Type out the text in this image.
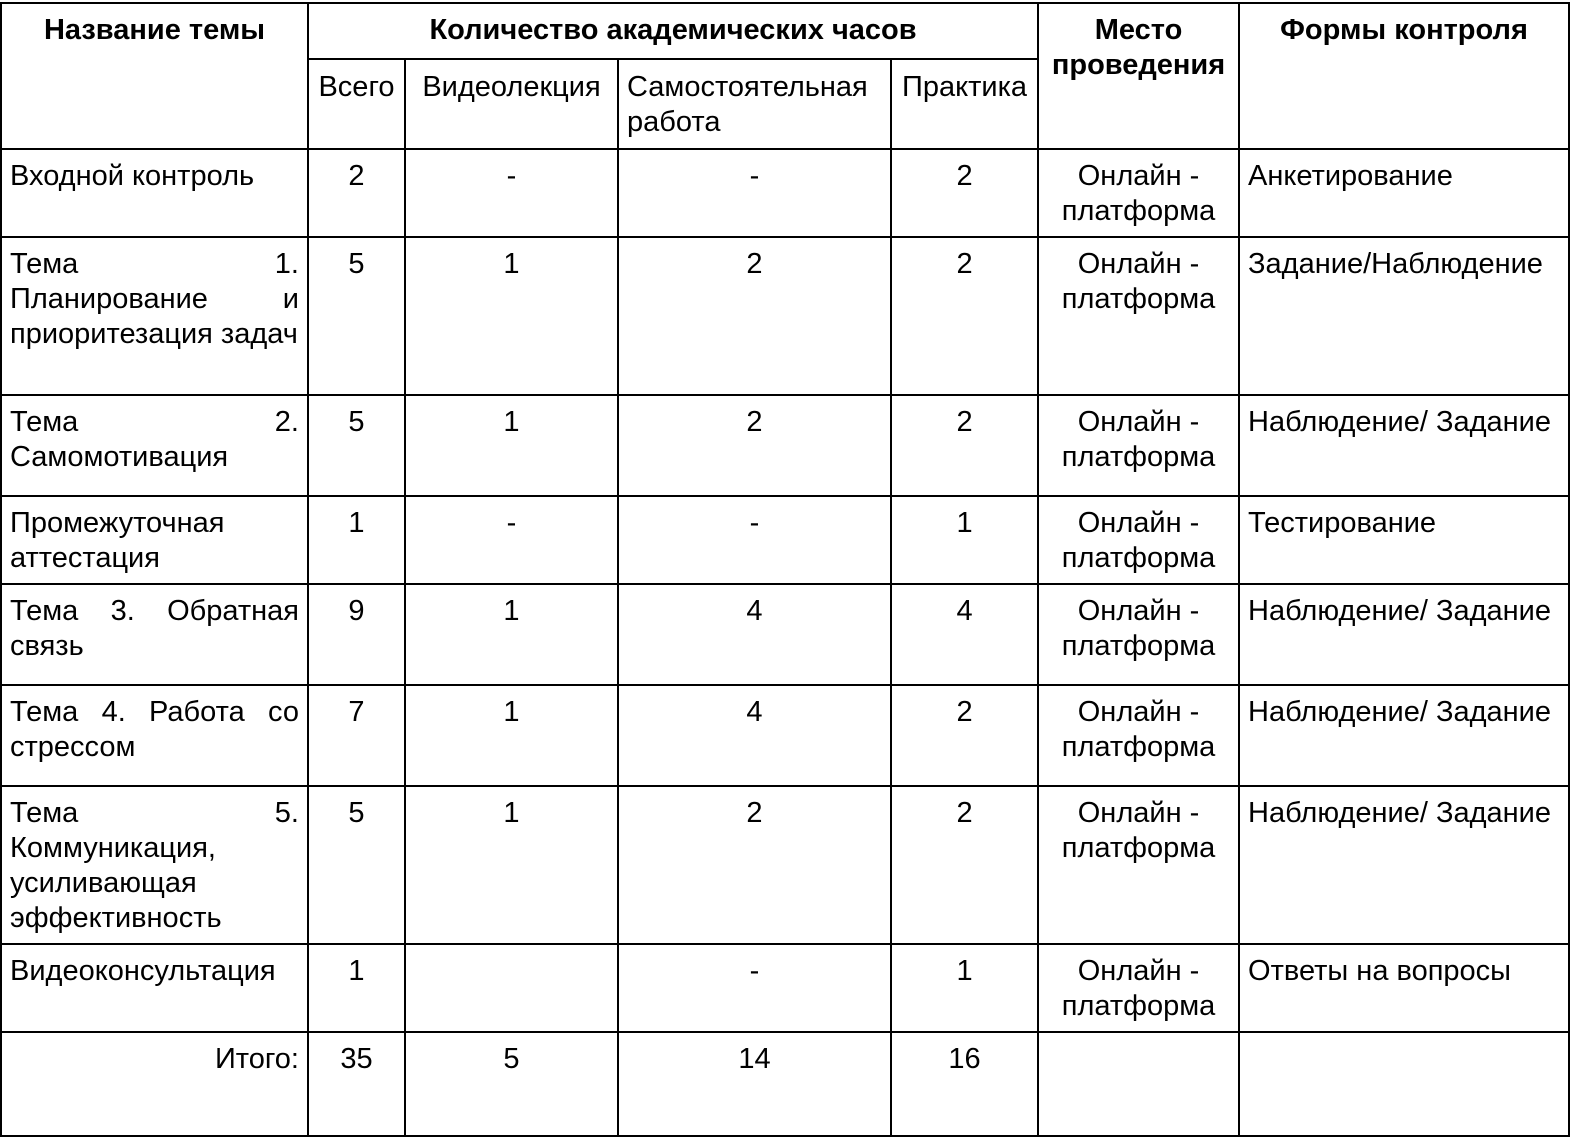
Название темы	Количество академических часов				Место проведения	Формы контроля
	Всего	Видеолекция	Самостоятельная работа	Практика		
Входной контроль	2	-	-	2	Онлайн - платформа	Анкетирование
Тема 1. Планирование и приоритезация задач	5	1	2	2	Онлайн - платформа	Задание/Наблюдение
Тема 2. Самомотивация	5	1	2	2	Онлайн - платформа	Наблюдение/ Задание
Промежуточная аттестация	1	-	-	1	Онлайн - платформа	Тестирование
Тема 3. Обратная связь	9	1	4	4	Онлайн - платформа	Наблюдение/ Задание
Тема 4. Работа со стрессом	7	1	4	2	Онлайн - платформа	Наблюдение/ Задание
Тема 5. Коммуникация, усиливающая эффективность	5	1	2	2	Онлайн - платформа	Наблюдение/ Задание
Видеоконсультация	1		-	1	Онлайн - платформа	Ответы на вопросы
Итого:	35	5	14	16		
